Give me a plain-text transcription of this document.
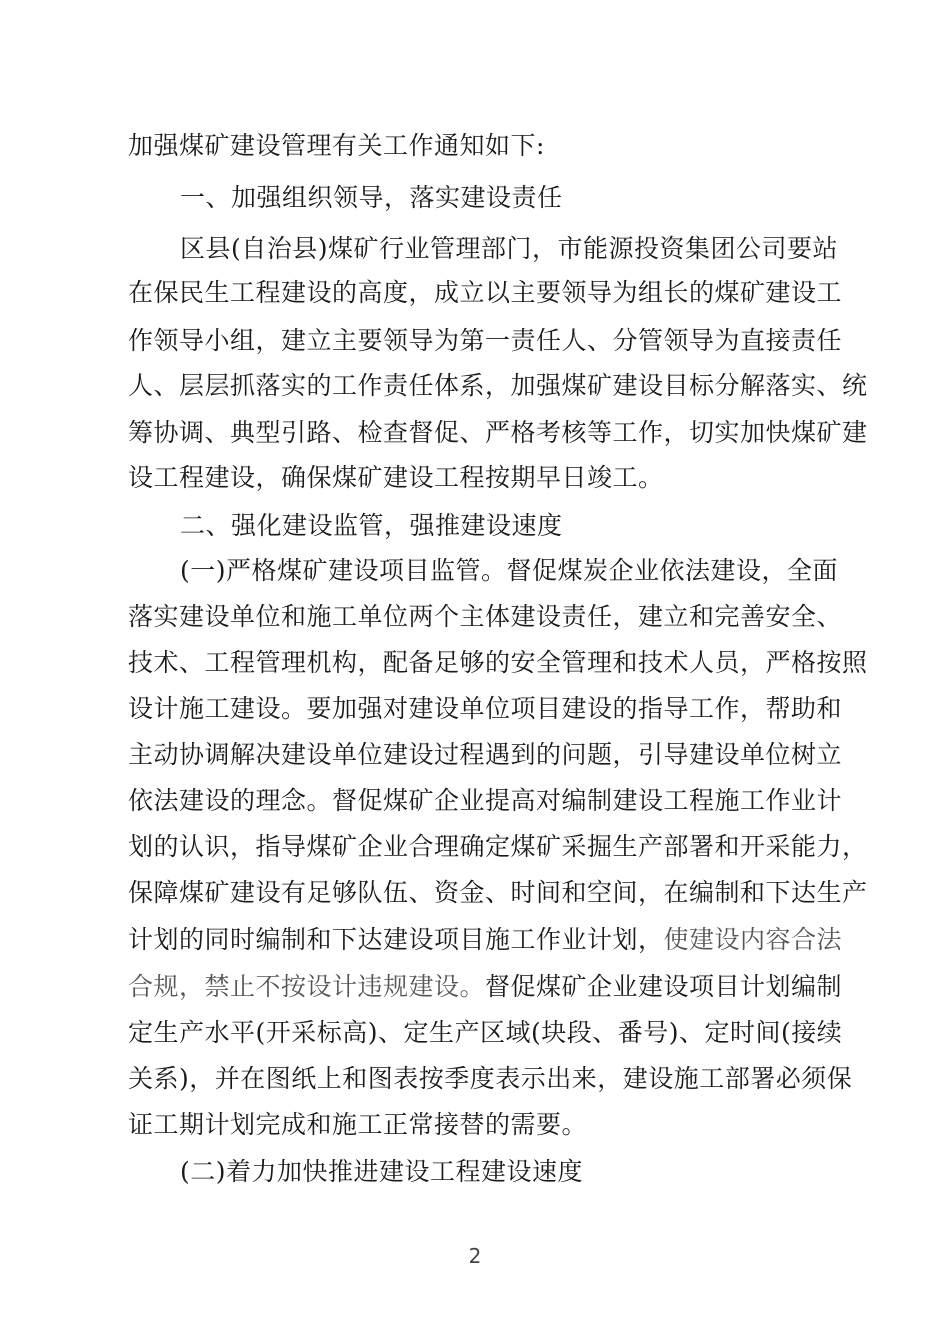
加强煤矿建设管理有关工作通知如下:
一、加强组织领导，落实建设责任
区县(自治县)煤矿行业管理部门，市能源投资集团公司要站
在保民生工程建设的高度，成立以主要领导为组长的煤矿建设工
作领导小组，建立主要领导为第一责任人、分管领导为直接责任
人、层层抓落实的工作责任体系，加强煤矿建设目标分解落实、统
筹协调、典型引路、检查督促、严格考核等工作，切实加快煤矿建
设工程建设，确保煤矿建设工程按期早日竣工。
二、强化建设监管，强推建设速度
(一)严格煤矿建设项目监管。督促煤炭企业依法建设，全面
落实建设单位和施工单位两个主体建设责任，建立和完善安全、
技术、工程管理机构，配备足够的安全管理和技术人员，严格按照
设计施工建设。要加强对建设单位项目建设的指导工作，帮助和
主动协调解决建设单位建设过程遇到的问题，引导建设单位树立
依法建设的理念。督促煤矿企业提高对编制建设工程施工作业计
划的认识，指导煤矿企业合理确定煤矿采掘生产部署和开采能力，
保障煤矿建设有足够队伍、资金、时间和空间，在编制和下达生产
计划的同时编制和下达建设项目施工作业计划，使建设内容合法
合规，禁止不按设计违规建设。督促煤矿企业建设项目计划编制
定生产水平(开采标高)、定生产区域(块段、番号)、定时间(接续
关系)，并在图纸上和图表按季度表示出来，建设施工部署必须保
证工期计划完成和施工正常接替的需要。
(二)着力加快推进建设工程建设速度
2
